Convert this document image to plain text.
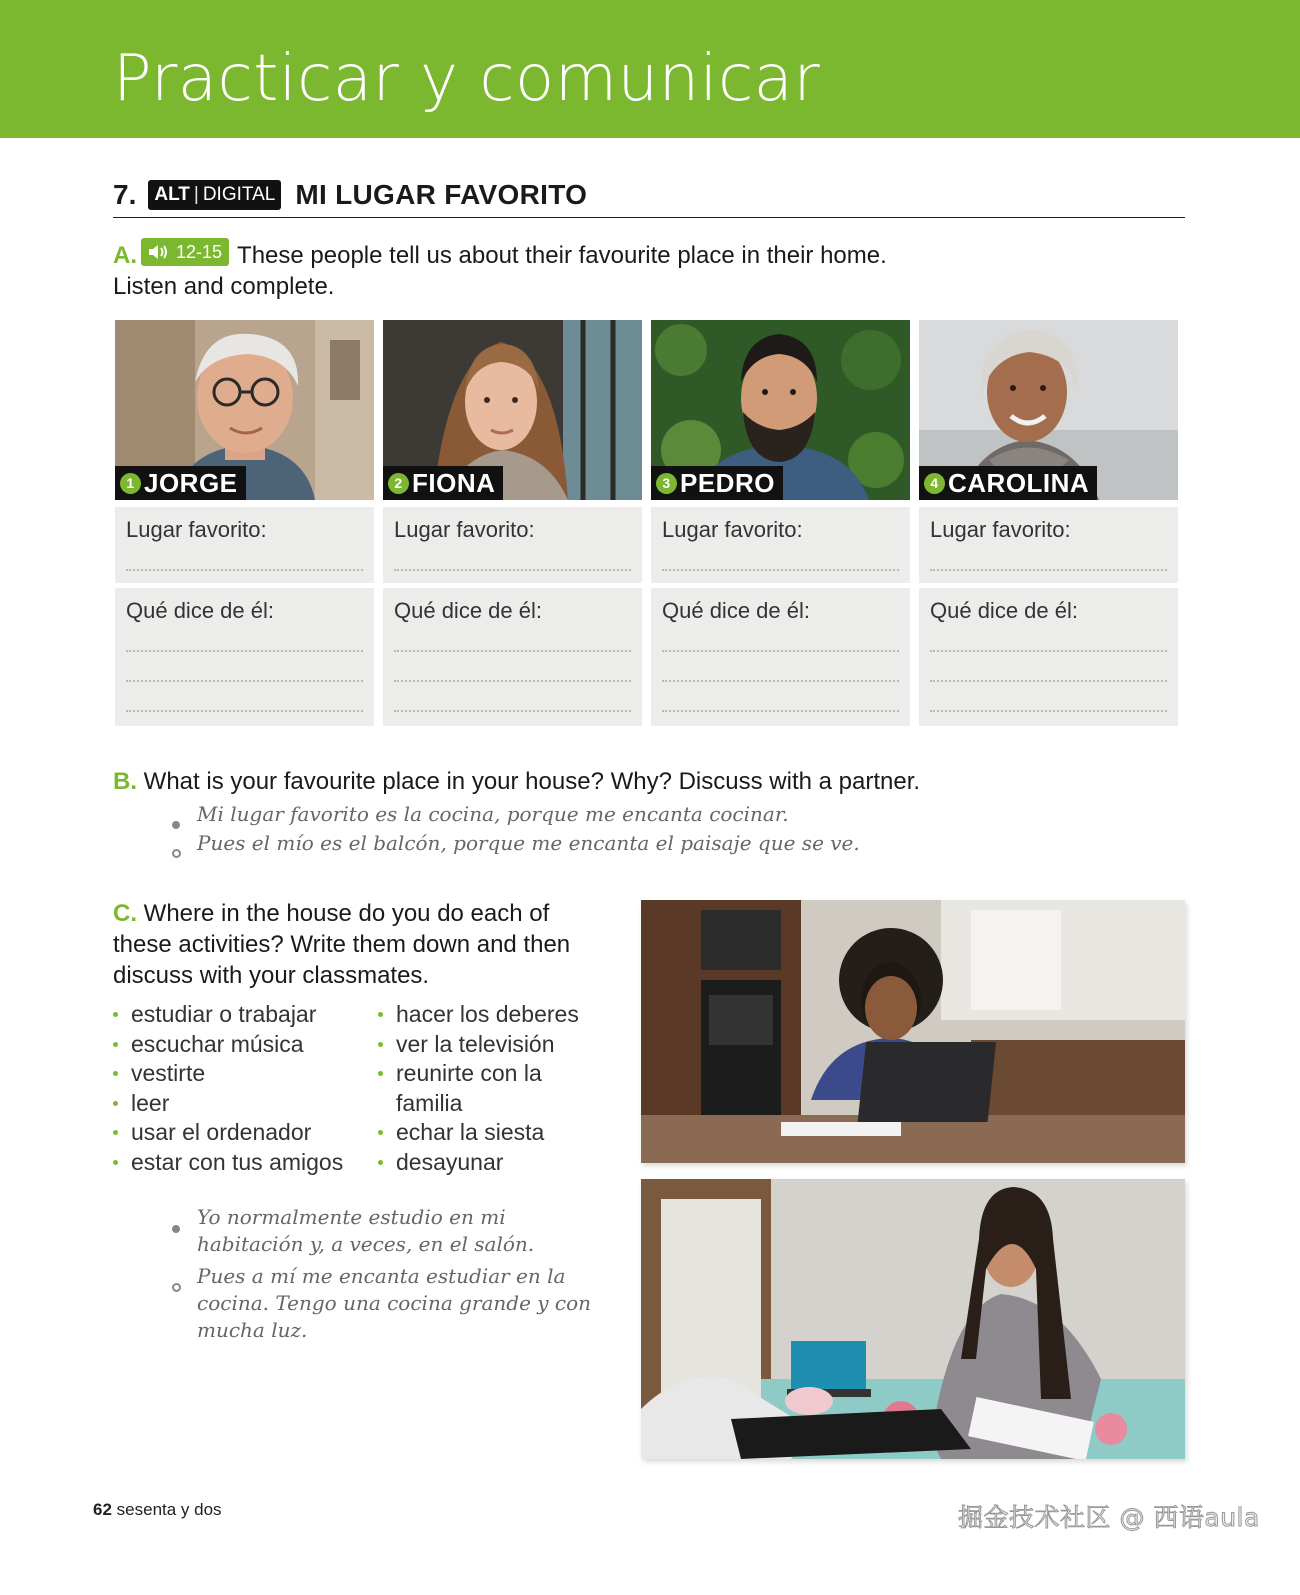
Practicar y comunicar
7. ALT | DIGITAL MI LUGAR FAVORITO
A. 12-15 These people tell us about their favourite place in their home.
Listen and complete.
1 JORGE
Lugar favorito:
Qué dice de él:
2 FIONA
Lugar favorito:
Qué dice de él:
3 PEDRO
Lugar favorito:
Qué dice de él:
4 CAROLINA
Lugar favorito:
Qué dice de él:
B. What is your favourite place in your house? Why? Discuss with a partner.
Mi lugar favorito es la cocina, porque me encanta cocinar.
Pues el mío es el balcón, porque me encanta el paisaje que se ve.
C. Where in the house do you do each of
these activities? Write them down and then
discuss with your classmates.
estudiar o trabajar
escuchar música
vestirte
leer
usar el ordenador
estar con tus amigos
hacer los deberes
ver la televisión
reunirte con la familia
echar la siesta
desayunar
Yo normalmente estudio en mi
habitación y, a veces, en el salón.
Pues a mí me encanta estudiar en la
cocina. Tengo una cocina grande y con
mucha luz.
62 sesenta y dos	掘金技术社区 @ 西语aula
